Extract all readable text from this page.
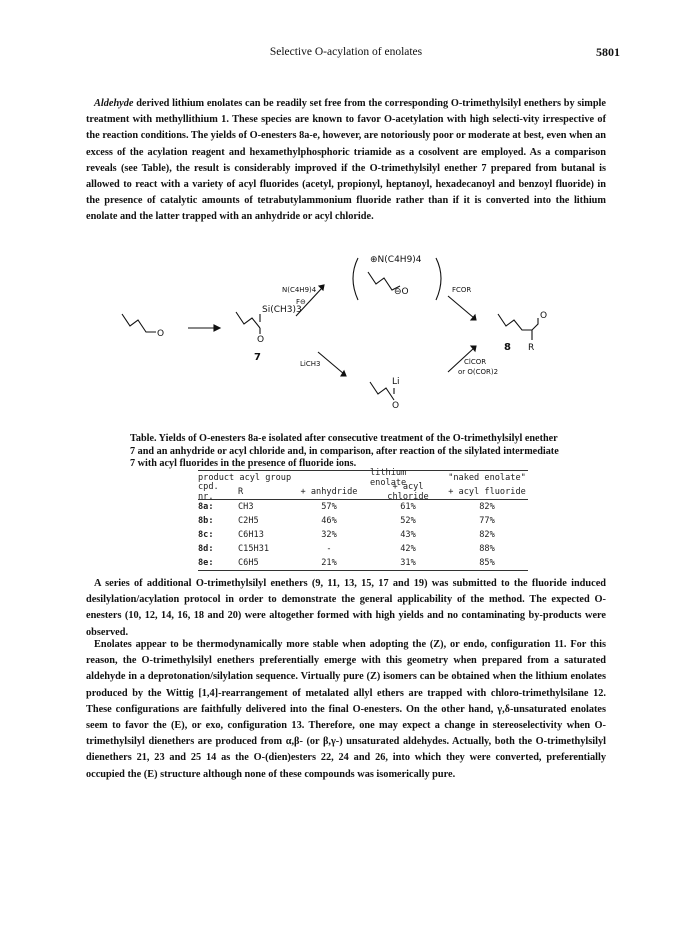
Selective O-acylation of enolates	5801
Aldehyde derived lithium enolates can be readily set free from the corresponding O-trimethylsilyl enethers by simple treatment with methyllithium 1. These species are known to favor O-acetylation with high selecti-vity irrespective of the reaction conditions. The yields of O-enesters 8a-e, however, are notoriously poor or moderate at best, even when an excess of the acylation reagent and hexamethylphosphoric triamide as a cosolvent are employed. As a comparison reveals (see Table), the result is considerably improved if the O-trimethylsilyl enether 7 prepared from butanal is allowed to react with a variety of acyl fluorides (acetyl, propionyl, heptanoyl, hexadecanoyl and benzoyl fluoride) in the presence of catalytic amounts of tetrabutylammonium fluoride rather than if it is converted into the lithium enolate and the latter trapped with an anhydride or acyl chloride.
⊕N(C4H9)4
⊖O
N(C4H9)4
F⊖
FCOR
Si(CH3)3
O
O
7
LiCH3	ClCOR
or O(COR)2
O
8 R
Li
O
Table. Yields of O-enesters 8a-e isolated after consecutive treatment of the O-trimethylsilyl enether 7 and an anhydride or acyl chloride and, in comparison, after reaction of the silylated intermediate 7 with acyl fluorides in the presence of fluoride ions.
product acyl group	lithium enolate	"naked enolate"
cpd. nr.	R	+ anhydride	+ acyl chloride	+ acyl fluoride
8a:	CH3	57%	61%	82%
8b:	C2H5	46%	52%	77%
8c:	C6H13	32%	43%	82%
8d:	C15H31	-	42%	88%
8e:	C6H5	21%	31%	85%
A series of additional O-trimethylsilyl enethers (9, 11, 13, 15, 17 and 19) was submitted to the fluoride induced desilylation/acylation protocol in order to demonstrate the general applicability of the method. The expected O-enesters (10, 12, 14, 16, 18 and 20) were altogether formed with high yields and no contaminating by-products were observed.
Enolates appear to be thermodynamically more stable when adopting the (Z), or endo, configuration 11. For this reason, the O-trimethylsilyl enethers preferentially emerge with this geometry when prepared from a saturated aldehyde in a deprotonation/silylation sequence. Virtually pure (Z) isomers can be obtained when the lithium enolates produced by the Wittig [1,4]-rearrangement of metalated allyl ethers are trapped with chloro-trimethylsilane 12. These configurations are faithfully delivered into the final O-enesters. On the other hand, γ,δ-unsaturated enolates seem to favor the (E), or exo, configuration 13. Therefore, one may expect a change in stereoselectivity when O-trimethylsilyl dienethers are produced from α,β- (or β,γ-) unsaturated aldehydes. Actually, both the O-trimethylsilyl dienethers 21, 23 and 25 14 as the O-(dien)esters 22, 24 and 26, into which they were converted, preferentially occupied the (E) structure although none of these compounds was isomerically pure.
